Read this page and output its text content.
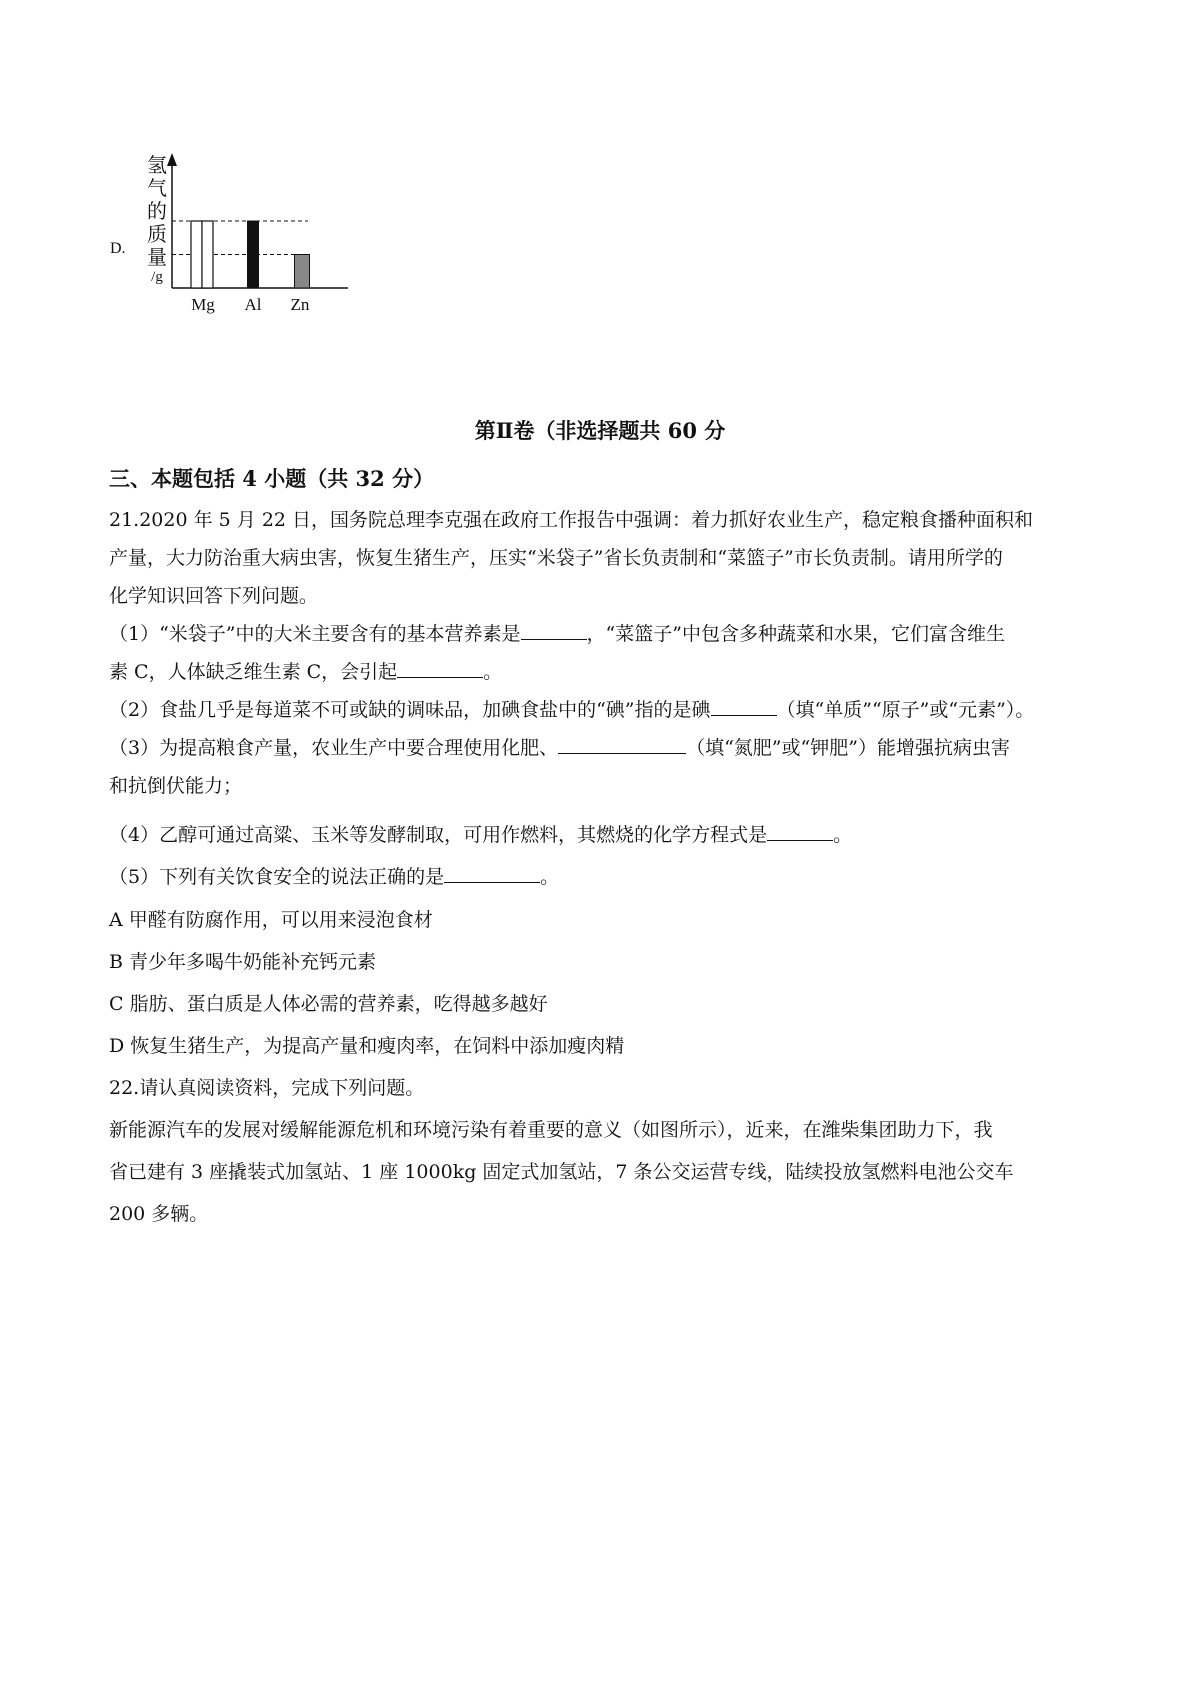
D.
氢
气
的
质
量
/g
Mg Al Zn
第Ⅱ卷（非选择题共 60 分
三、本题包括 4 小题（共 32 分）
21.2020 年 5 月 22 日，国务院总理李克强在政府工作报告中强调：着力抓好农业生产，稳定粮食播种面积和
产量，大力防治重大病虫害，恢复生猪生产，压实“米袋子”省长负责制和“菜篮子”市长负责制。请用所学的
化学知识回答下列问题。
（1）“米袋子”中的大米主要含有的基本营养素是	，“菜篮子”中包含多种蔬菜和水果，它们富含维生
素 C，人体缺乏维生素 C，会引起	。
（2）食盐几乎是每道菜不可或缺的调味品，加碘食盐中的“碘”指的是碘	（填“单质”“原子”或“元素”）。
（3）为提高粮食产量，农业生产中要合理使用化肥、	（填“氮肥”或“钾肥”）能增强抗病虫害
和抗倒伏能力；
（4）乙醇可通过高粱、玉米等发酵制取，可用作燃料，其燃烧的化学方程式是	。
（5）下列有关饮食安全的说法正确的是	。
A 甲醛有防腐作用，可以用来浸泡食材
B 青少年多喝牛奶能补充钙元素
C 脂肪、蛋白质是人体必需的营养素，吃得越多越好
D 恢复生猪生产，为提高产量和瘦肉率，在饲料中添加瘦肉精
22.请认真阅读资料，完成下列问题。
新能源汽车的发展对缓解能源危机和环境污染有着重要的意义（如图所示），近来，在潍柴集团助力下，我
省已建有 3 座撬装式加氢站、1 座 1000kg 固定式加氢站，7 条公交运营专线，陆续投放氢燃料电池公交车
200 多辆。
